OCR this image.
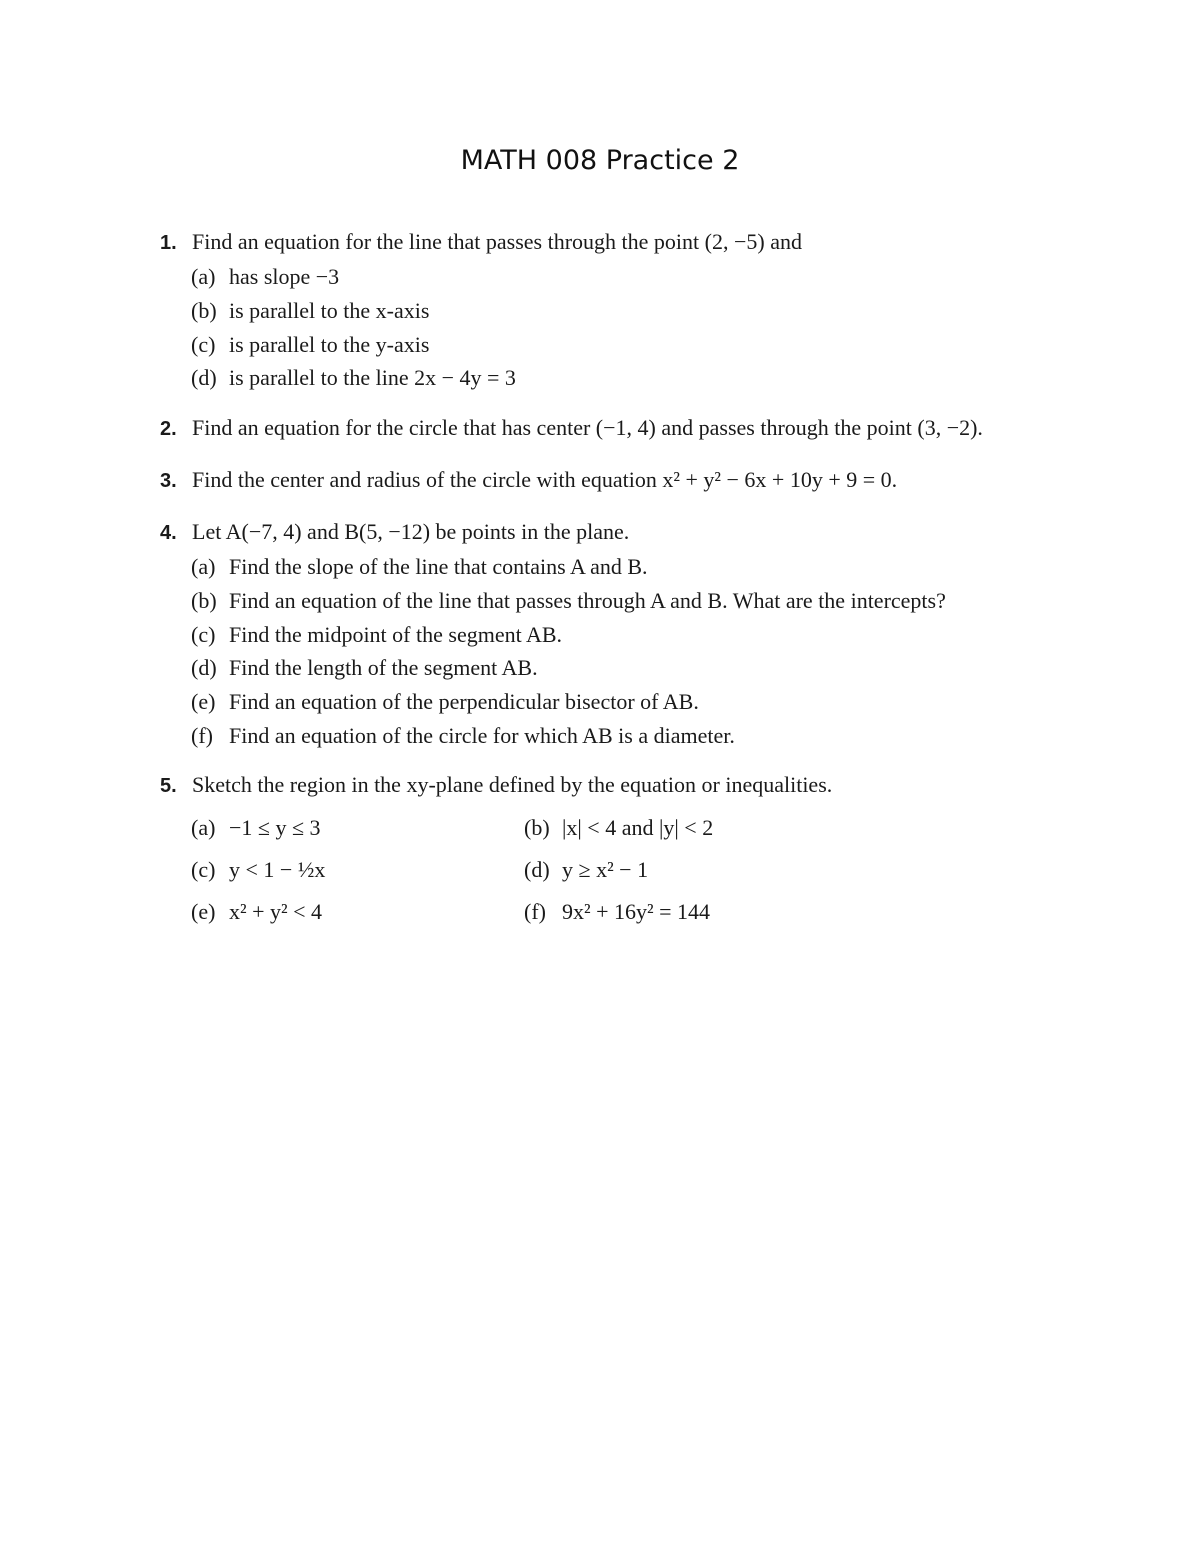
MATH 008 Practice 2
1. Find an equation for the line that passes through the point (2, −5) and
(a) has slope −3
(b) is parallel to the x-axis
(c) is parallel to the y-axis
(d) is parallel to the line 2x − 4y = 3
2. Find an equation for the circle that has center (−1, 4) and passes through the point (3, −2).
3. Find the center and radius of the circle with equation x² + y² − 6x + 10y + 9 = 0.
4. Let A(−7, 4) and B(5, −12) be points in the plane.
(a) Find the slope of the line that contains A and B.
(b) Find an equation of the line that passes through A and B. What are the intercepts?
(c) Find the midpoint of the segment AB.
(d) Find the length of the segment AB.
(e) Find an equation of the perpendicular bisector of AB.
(f) Find an equation of the circle for which AB is a diameter.
5. Sketch the region in the xy-plane defined by the equation or inequalities.
(a) −1 ≤ y ≤ 3	(b) |x| < 4 and |y| < 2
(c) y < 1 − ½x	(d) y ≥ x² − 1
(e) x² + y² < 4	(f) 9x² + 16y² = 144
